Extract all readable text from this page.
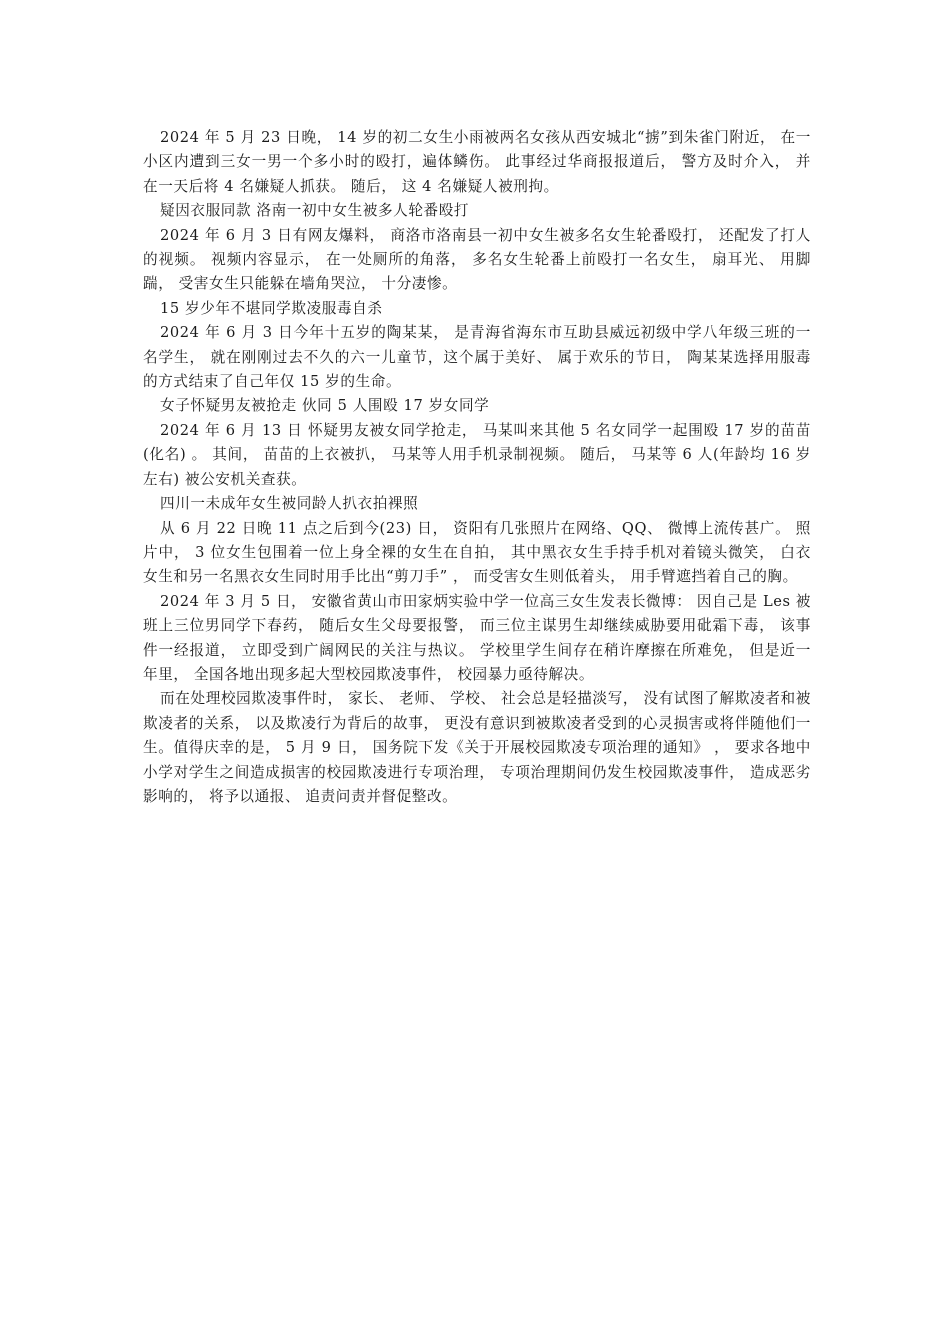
2024 年 5 月 23 日晚， 14 岁的初二女生小雨被两名女孩从西安城北“掳”到朱雀门附近， 在一小区内遭到三女一男一个多小时的殴打，遍体鳞伤。 此事经过华商报报道后， 警方及时介入， 并在一天后将 4 名嫌疑人抓获。 随后， 这 4 名嫌疑人被刑拘。

疑因衣服同款 洛南一初中女生被多人轮番殴打

2024 年 6 月 3 日有网友爆料， 商洛市洛南县一初中女生被多名女生轮番殴打， 还配发了打人的视频。 视频内容显示， 在一处厕所的角落， 多名女生轮番上前殴打一名女生， 扇耳光、 用脚踹， 受害女生只能躲在墙角哭泣， 十分凄惨。

15 岁少年不堪同学欺凌服毒自杀

2024 年 6 月 3 日今年十五岁的陶某某， 是青海省海东市互助县威远初级中学八年级三班的一名学生， 就在刚刚过去不久的六一儿童节，这个属于美好、 属于欢乐的节日， 陶某某选择用服毒的方式结束了自己年仅 15 岁的生命。

女子怀疑男友被抢走 伙同 5 人围殴 17 岁女同学

2024 年 6 月 13 日 怀疑男友被女同学抢走， 马某叫来其他 5 名女同学一起围殴 17 岁的苗苗(化名) 。 其间， 苗苗的上衣被扒， 马某等人用手机录制视频。 随后， 马某等 6 人(年龄均 16 岁左右) 被公安机关查获。

四川一未成年女生被同龄人扒衣拍裸照

从 6 月 22 日晚 11 点之后到今(23) 日， 资阳有几张照片在网络、QQ、 微博上流传甚广。 照片中， 3 位女生包围着一位上身全裸的女生在自拍， 其中黑衣女生手持手机对着镜头微笑， 白衣女生和另一名黑衣女生同时用手比出“剪刀手” ， 而受害女生则低着头， 用手臂遮挡着自己的胸。

2024 年 3 月 5 日， 安徽省黄山市田家炳实验中学一位高三女生发表长微博： 因自己是 Les 被班上三位男同学下春药， 随后女生父母要报警， 而三位主谋男生却继续威胁要用砒霜下毒， 该事件一经报道， 立即受到广阔网民的关注与热议。 学校里学生间存在稍许摩擦在所难免， 但是近一年里， 全国各地出现多起大型校园欺凌事件， 校园暴力亟待解决。

而在处理校园欺凌事件时， 家长、 老师、 学校、 社会总是轻描淡写， 没有试图了解欺凌者和被欺凌者的关系， 以及欺凌行为背后的故事， 更没有意识到被欺凌者受到的心灵损害或将伴随他们一生。值得庆幸的是， 5 月 9 日， 国务院下发《关于开展校园欺凌专项治理的通知》 ， 要求各地中小学对学生之间造成损害的校园欺凌进行专项治理， 专项治理期间仍发生校园欺凌事件， 造成恶劣影响的， 将予以通报、 追责问责并督促整改。
